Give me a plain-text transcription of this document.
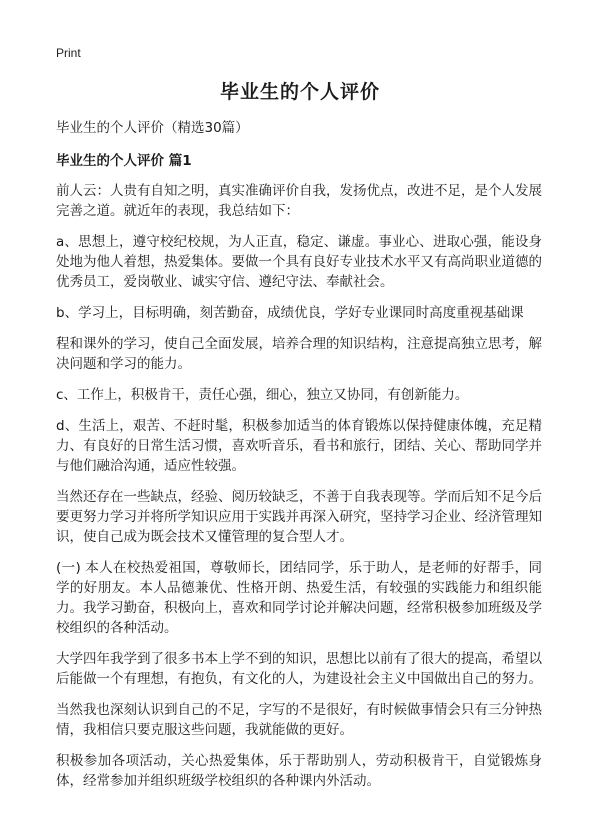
Print
毕业生的个人评价

毕业生的个人评价（精选30篇）

毕业生的个人评价 篇1

前人云：人贵有自知之明，真实准确评价自我，发扬优点，改进不足，是个人发展完善之道。就近年的表现，我总结如下：

a、思想上，遵守校纪校规，为人正直，稳定、谦虚。事业心、进取心强，能设身处地为他人着想，热爱集体。要做一个具有良好专业技术水平又有高尚职业道德的优秀员工，爱岗敬业、诚实守信、遵纪守法、奉献社会。

b、学习上，目标明确，刻苦勤奋，成绩优良，学好专业课同时高度重视基础课

程和课外的学习，使自己全面发展，培养合理的知识结构，注意提高独立思考，解决问题和学习的能力。

c、工作上，积极肯干，责任心强，细心，独立又协同，有创新能力。

d、生活上，艰苦、不赶时髦，积极参加适当的体育锻炼以保持健康体魄，充足精力、有良好的日常生活习惯，喜欢听音乐，看书和旅行，团结、关心、帮助同学并与他们融洽沟通，适应性较强。

当然还存在一些缺点，经验、阅历较缺乏，不善于自我表现等。学而后知不足今后要更努力学习并将所学知识应用于实践并再深入研究，坚持学习企业、经济管理知识，使自己成为既会技术又懂管理的复合型人才。

(一) 本人在校热爱祖国，尊敬师长，团结同学，乐于助人，是老师的好帮手，同学的好朋友。本人品德兼优、性格开朗、热爱生活，有较强的实践能力和组织能力。我学习勤奋，积极向上，喜欢和同学讨论并解决问题，经常积极参加班级及学校组织的各种活动。

大学四年我学到了很多书本上学不到的知识，思想比以前有了很大的提高，希望以后能做一个有理想，有抱负，有文化的人，为建设社会主义中国做出自己的努力。

当然我也深刻认识到自己的不足，字写的不是很好，有时候做事情会只有三分钟热情，我相信只要克服这些问题，我就能做的更好。

积极参加各项活动，关心热爱集体，乐于帮助别人，劳动积极肯干，自觉锻炼身体，经常参加并组织班级学校组织的各种课内外活动。
